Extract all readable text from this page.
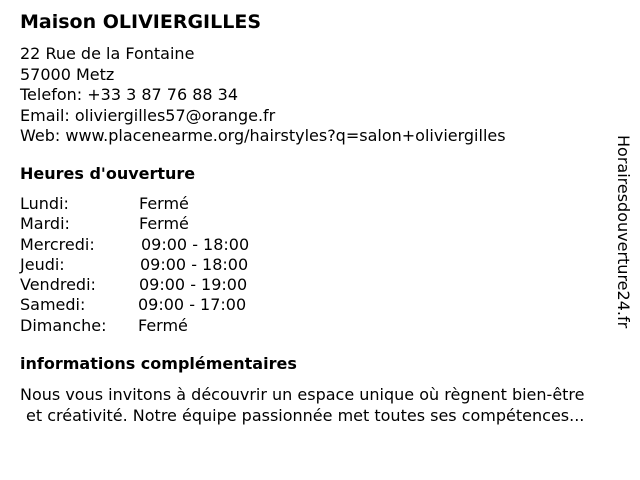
Maison OLIVIERGILLES
22 Rue de la Fontaine
57000 Metz
Telefon: +33 3 87 76 88 34
Email: oliviergilles57@orange.fr
Web: www.placenearme.org/hairstyles?q=salon+oliviergilles
Heures d'ouverture
Lundi:	Fermé
Mardi:	Fermé
Mercredi:	09:00 - 18:00
Jeudi:	09:00 - 18:00
Vendredi:	09:00 - 19:00
Samedi:	09:00 - 17:00
Dimanche: Fermé
informations complémentaires
Nous vous invitons à découvrir un espace unique où règnent bien-être
et créativité. Notre équipe passionnée met toutes ses compétences...
Horairesdouverture24.fr
